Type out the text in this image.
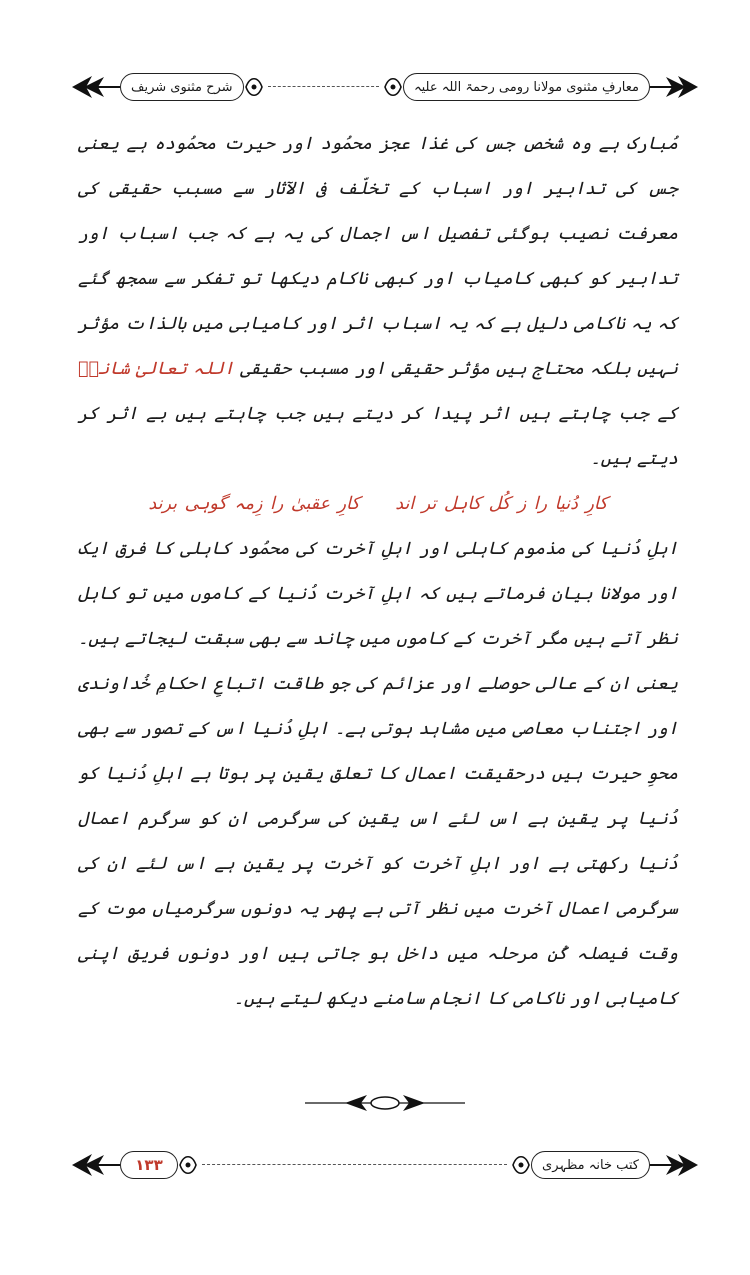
شرح مثنوی شریف	معارفِ مثنوی مولانا رومی رحمۃ اللہ علیہ

مُبارک ہے وہ شخص جس کی غذا عجز محمُود اور حیرت محمُودہ ہے یعنی جس کی تدابیر اور اسباب کے تخلّف فی الآثار سے مسبب حقیقی کی معرفت نصیب ہوگئی تفصیل اس اجمال کی یہ ہے کہ جب اسباب اور تدابیر کو کبھی کامیاب اور کبھی ناکام دیکھا تو تفکر سے سمجھ گئے کہ یہ ناکامی دلیل ہے کہ یہ اسباب اثر اور کامیابی میں بالذات مؤثر نہیں بلکہ محتاج ہیں مؤثر حقیقی اور مسبب حقیقی اللہ تعالیٰ شانہٗ کے جب چاہتے ہیں اثر پیدا کر دیتے ہیں جب چاہتے ہیں بے اثر کر دیتے ہیں۔

کارِ دُنیا را ز کُل کاہل تر اند کارِ عقبیٰ را زِمہ گوہی برند

اہلِ دُنیا کی مذموم کاہلی اور اہلِ آخرت کی محمُود کاہلی کا فرق ایک اور مولانا بیان فرماتے ہیں کہ اہلِ آخرت دُنیا کے کاموں میں تو کاہل نظر آتے ہیں مگر آخرت کے کاموں میں چاند سے بھی سبقت لیجاتے ہیں۔ یعنی ان کے عالی حوصلے اور عزائم کی جو طاقت اتباعِ احکامِ خُداوندی اور اجتناب معاصی میں مشاہد ہوتی ہے۔ اہلِ دُنیا اس کے تصور سے بھی محوِ حیرت ہیں درحقیقت اعمال کا تعلق یقین پر ہوتا ہے اہلِ دُنیا کو دُنیا پر یقین ہے اس لئے اس یقین کی سرگرمی ان کو سرگرم اعمال دُنیا رکھتی ہے اور اہلِ آخرت کو آخرت پر یقین ہے اس لئے ان کی سرگرمی اعمال آخرت میں نظر آتی ہے پھر یہ دونوں سرگرمیاں موت کے وقت فیصلہ کُن مرحلہ میں داخل ہو جاتی ہیں اور دونوں فریق اپنی کامیابی اور ناکامی کا انجام سامنے دیکھ لیتے ہیں۔

۱۳۳	کتب خانہ مظہری
